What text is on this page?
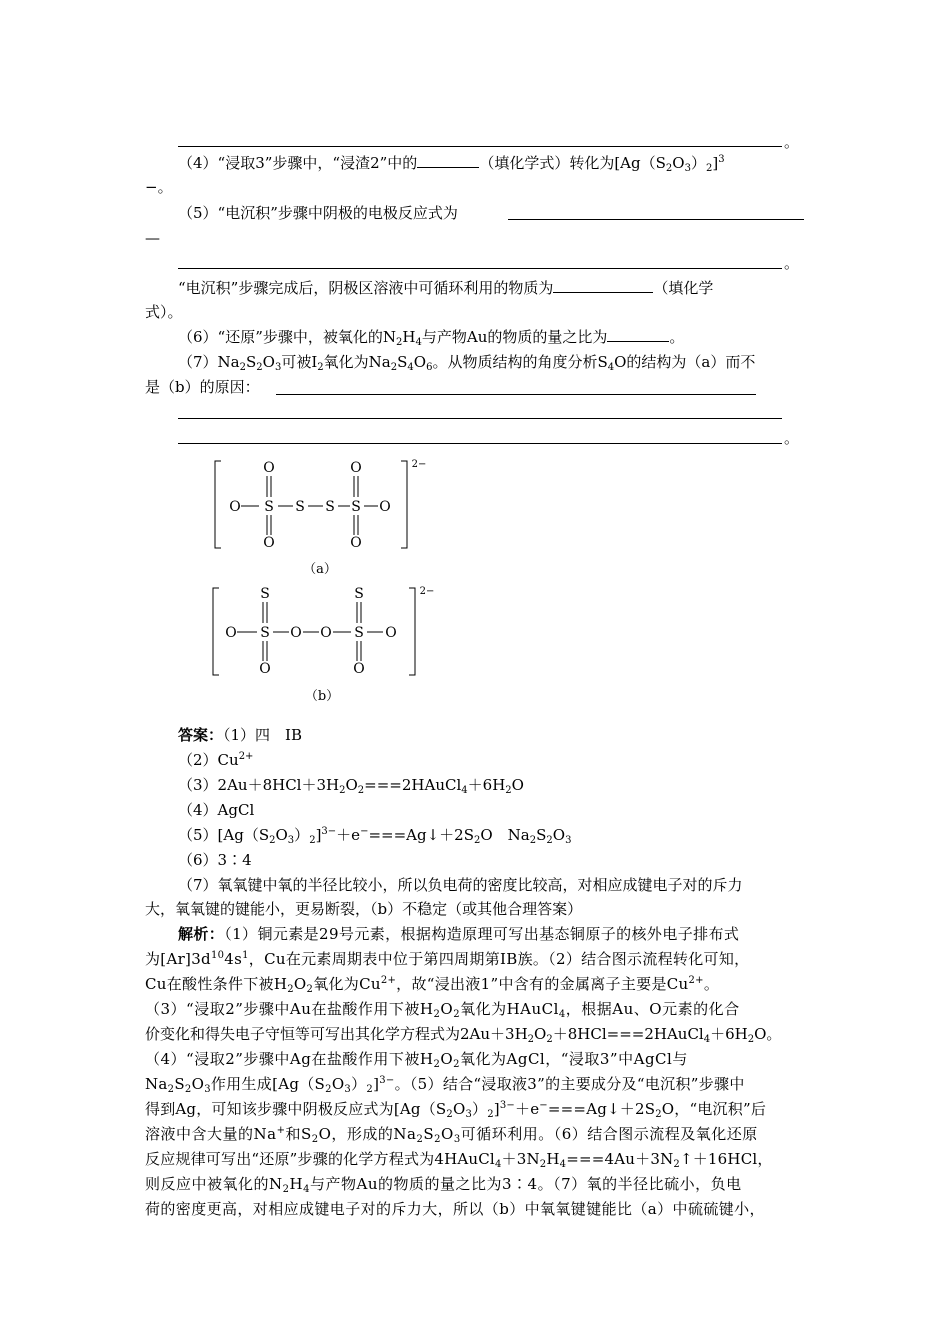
。
（4）“浸取3”步骤中，“浸渣2”中的	（填化学式）转化为$[Ag(S_2O_3)_2]^3$
−。
（5）“电沉积”步骤中阴极的电极反应式为
—
。
“电沉积”步骤完成后，阴极区溶液中可循环利用的物质为	（填化学
式）。
（6）“还原”步骤中，被氧化的$N_2H_4$与产物Au的物质的量之比为	。
$(7)Na_2S_2O_3$可被$I_2$氧化为$Na_2S_4O_6$。从物质结构的角度分析$S_4O$的结构为（a）而不
是（b）的原因：
。
O	O
O S S S S O
O	O
2−
（a）
S	S
O S O O S O
O	O
2−
（b）
答案：（1）四　ⅠB
$(2)Cu^{2+}$
$(3)2Au+8HCl+3H_2O_2===2HAuCl_4+6H_2O$
（4）AgCl
$(5)[Ag(S_2O_3)_2]^{3-}+e^-===Ag↓+2S_2O$　$Na_2S_2O_3$
（6）3∶4
（7）氧氧键中氧的半径比较小，所以负电荷的密度比较高，对相应成键电子对的斥力
大，氧氧键的键能小，更易断裂，（b）不稳定（或其他合理答案）
解析：（1）铜元素是29号元素，根据构造原理可写出基态铜原子的核外电子排布式
为$[Ar]3d^{10}4s^1$，Cu在元素周期表中位于第四周期第ⅠB族。（2）结合图示流程转化可知，
Cu在酸性条件下被$H_2O_2$氧化为$Cu^{2+}$，故“浸出液1”中含有的金属离子主要是$Cu^{2+}$。
（3）“浸取2”步骤中Au在盐酸作用下被$H_2O_2$氧化为HAuCl$_4$，根据Au、O元素的化合
价变化和得失电子守恒等可写出其化学方程式为$2Au+3H_2O_2+8HCl===2HAuCl_4+6H_2O$。
（4）“浸取2”步骤中Ag在盐酸作用下被$H_2O_2$氧化为AgCl，“浸取3”中AgCl与
$Na_2S_2O_3$作用生成$[Ag(S_2O_3)_2]^{3-}$。（5）结合“浸取液3”的主要成分及“电沉积”步骤中
得到Ag，可知该步骤中阴极反应式为$[Ag(S_2O_3)_2]^{3-}+e^-===Ag↓+2S_2O$，“电沉积”后
溶液中含大量的Na+和$S_2O$，形成的$Na_2S_2O_3$可循环利用。（6）结合图示流程及氧化还原
反应规律可写出“还原”步骤的化学方程式为$4HAuCl_4+3N_2H_4===4Au+3N_2↑+16HCl$，
则反应中被氧化的$N_2H_4$与产物Au的物质的量之比为3∶4。（7）氧的半径比硫小，负电
荷的密度更高，对相应成键电子对的斥力大，所以（b）中氧氧键键能比（a）中硫硫键小，
